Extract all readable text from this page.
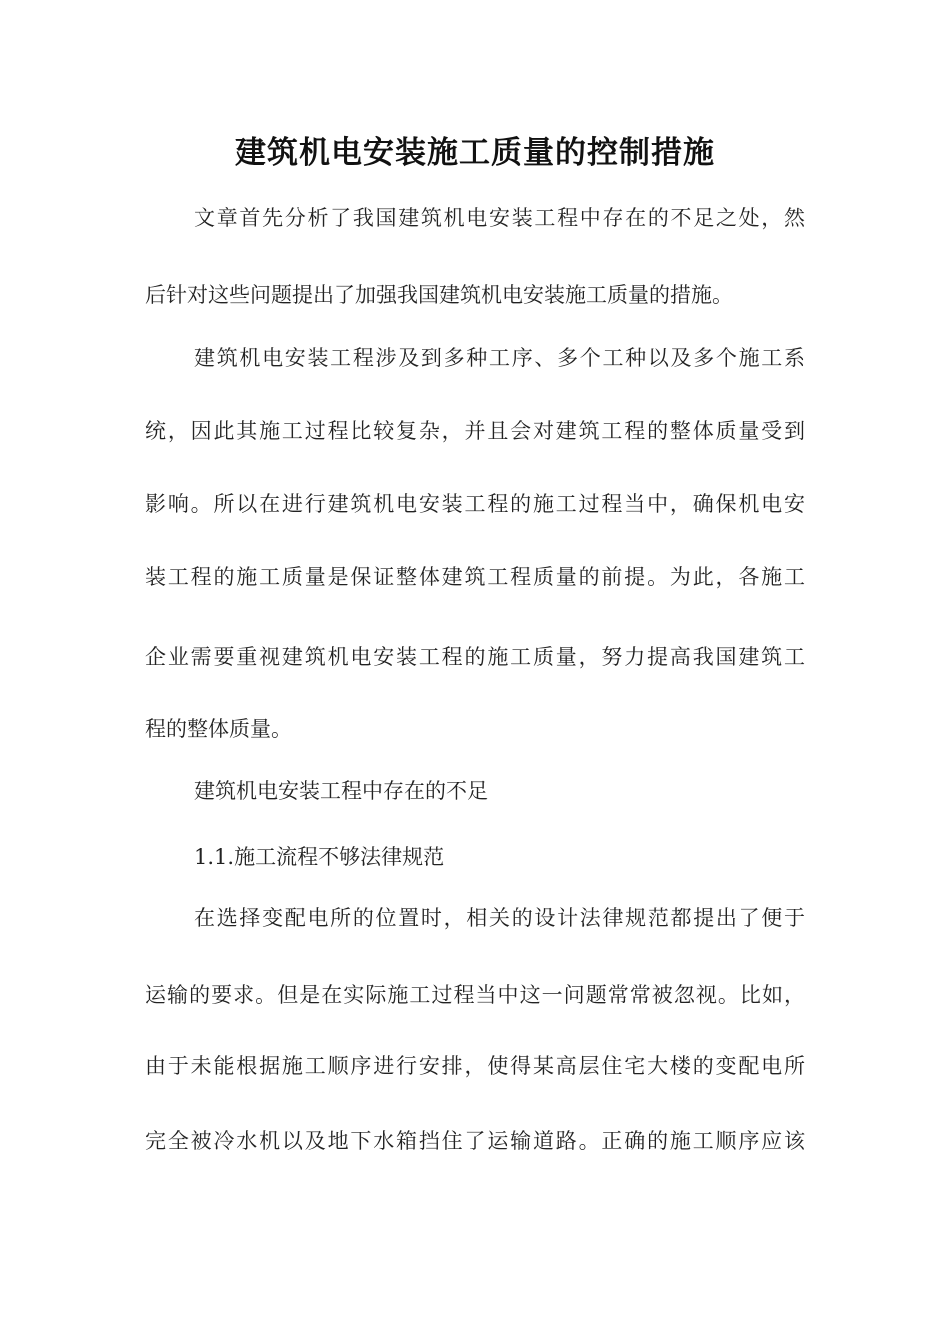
建筑机电安装施工质量的控制措施
文章首先分析了我国建筑机电安装工程中存在的不足之处，然
后针对这些问题提出了加强我国建筑机电安装施工质量的措施。
建筑机电安装工程涉及到多种工序、多个工种以及多个施工系
统，因此其施工过程比较复杂，并且会对建筑工程的整体质量受到
影响。所以在进行建筑机电安装工程的施工过程当中，确保机电安
装工程的施工质量是保证整体建筑工程质量的前提。为此，各施工
企业需要重视建筑机电安装工程的施工质量，努力提高我国建筑工
程的整体质量。
建筑机电安装工程中存在的不足
1.1.施工流程不够法律规范
在选择变配电所的位置时，相关的设计法律规范都提出了便于
运输的要求。但是在实际施工过程当中这一问题常常被忽视。比如，
由于未能根据施工顺序进行安排，使得某高层住宅大楼的变配电所
完全被冷水机以及地下水箱挡住了运输道路。正确的施工顺序应该
